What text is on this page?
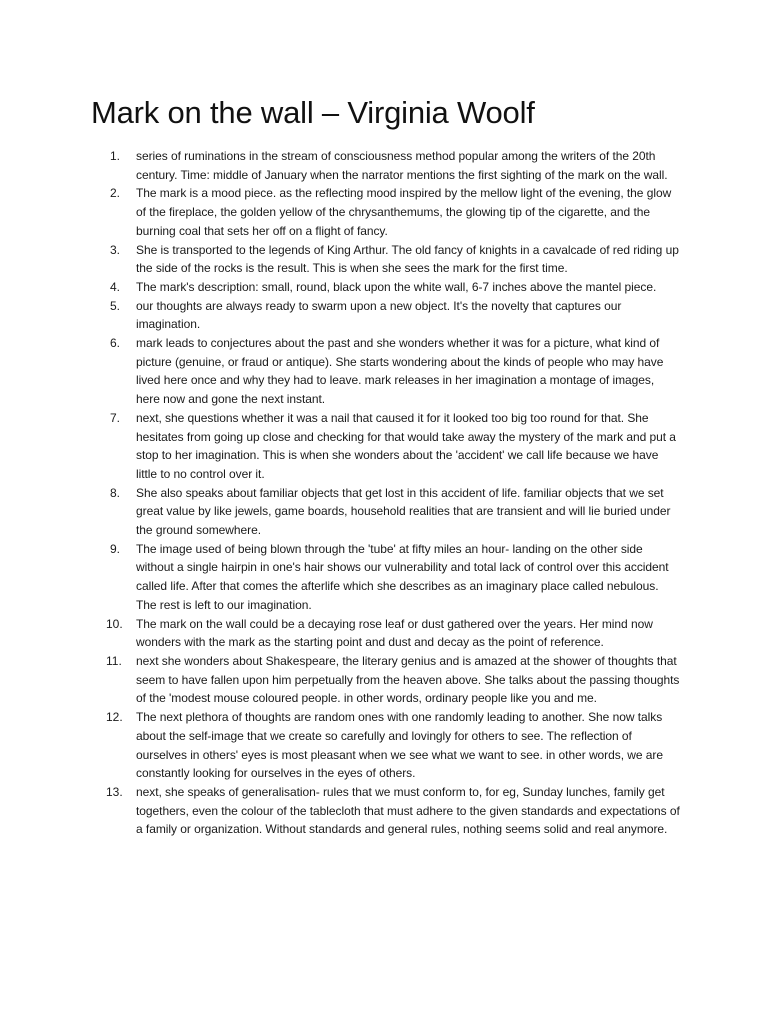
Mark on the wall – Virginia Woolf
1.	series of ruminations in the stream of consciousness method popular among the writers of the 20th century. Time: middle of January when the narrator mentions the first sighting of the mark on the wall.
2.	The mark is a mood piece. as the reflecting mood inspired by the mellow light of the evening, the glow of the fireplace, the golden yellow of the chrysanthemums, the glowing tip of the cigarette, and the burning coal that sets her off on a flight of fancy.
3.	She is transported to the legends of King Arthur. The old fancy of knights in a cavalcade of red riding up the side of the rocks is the result. This is when she sees the mark for the first time.
4.	The mark's description: small, round, black upon the white wall, 6-7 inches above the mantel piece.
5.	our thoughts are always ready to swarm upon a new object. It's the novelty that captures our imagination.
6.	mark leads to conjectures about the past and she wonders whether it was for a picture, what kind of picture (genuine, or fraud or antique). She starts wondering about the kinds of people who may have lived here once and why they had to leave. mark releases in her imagination a montage of images, here now and gone the next instant.
7.	next, she questions whether it was a nail that caused it for it looked too big too round for that. She hesitates from going up close and checking for that would take away the mystery of the mark and put a stop to her imagination. This is when she wonders about the 'accident' we call life because we have little to no control over it.
8.	She also speaks about familiar objects that get lost in this accident of life. familiar objects that we set great value by like jewels, game boards, household realities that are transient and will lie buried under the ground somewhere.
9.	The image used of being blown through the 'tube' at fifty miles an hour- landing on the other side without a single hairpin in one's hair shows our vulnerability and total lack of control over this accident called life. After that comes the afterlife which she describes as an imaginary place called nebulous. The rest is left to our imagination.
10. The mark on the wall could be a decaying rose leaf or dust gathered over the years. Her mind now wonders with the mark as the starting point and dust and decay as the point of reference.
11.	next she wonders about Shakespeare, the literary genius and is amazed at the shower of thoughts that seem to have fallen upon him perpetually from the heaven above. She talks about the passing thoughts of the 'modest mouse coloured people. in other words, ordinary people like you and me.
12. The next plethora of thoughts are random ones with one randomly leading to another. She now talks about the self-image that we create so carefully and lovingly for others to see. The reflection of ourselves in others' eyes is most pleasant when we see what we want to see. in other words, we are constantly looking for ourselves in the eyes of others.
13. next, she speaks of generalisation- rules that we must conform to, for eg, Sunday lunches, family get togethers, even the colour of the tablecloth that must adhere to the given standards and expectations of a family or organization. Without standards and general rules, nothing seems solid and real anymore.
